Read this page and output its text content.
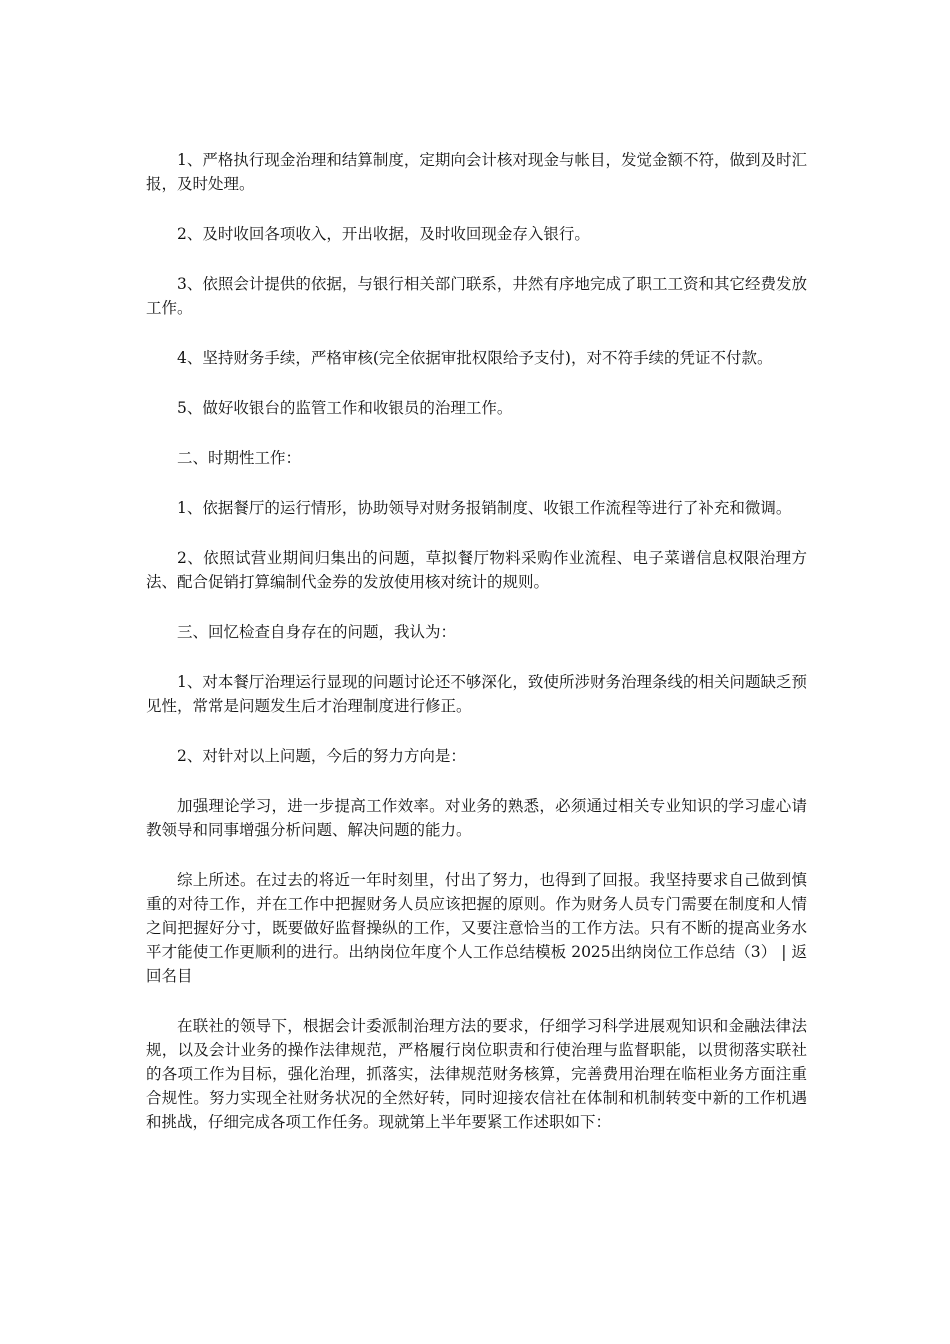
1、严格执行现金治理和结算制度，定期向会计核对现金与帐目，发觉金额不符，做到及时汇报，及时处理。

2、及时收回各项收入，开出收据，及时收回现金存入银行。

3、依照会计提供的依据，与银行相关部门联系，井然有序地完成了职工工资和其它经费发放工作。

4、坚持财务手续，严格审核(完全依据审批权限给予支付)，对不符手续的凭证不付款。

5、做好收银台的监管工作和收银员的治理工作。

二、时期性工作：

1、依据餐厅的运行情形，协助领导对财务报销制度、收银工作流程等进行了补充和微调。

2、依照试营业期间归集出的问题，草拟餐厅物料采购作业流程、电子菜谱信息权限治理方法、配合促销打算编制代金券的发放使用核对统计的规则。

三、回忆检查自身存在的问题，我认为：

1、对本餐厅治理运行显现的问题讨论还不够深化，致使所涉财务治理条线的相关问题缺乏预见性，常常是问题发生后才治理制度进行修正。

2、对针对以上问题，今后的努力方向是：

加强理论学习，进一步提高工作效率。对业务的熟悉，必须通过相关专业知识的学习虚心请教领导和同事增强分析问题、解决问题的能力。

综上所述。在过去的将近一年时刻里，付出了努力，也得到了回报。我坚持要求自己做到慎重的对待工作，并在工作中把握财务人员应该把握的原则。作为财务人员专门需要在制度和人情之间把握好分寸，既要做好监督操纵的工作，又要注意恰当的工作方法。只有不断的提高业务水平才能使工作更顺利的进行。出纳岗位年度个人工作总结模板 2025出纳岗位工作总结（3） | 返回名目

在联社的领导下，根据会计委派制治理方法的要求，仔细学习科学进展观知识和金融法律法规，以及会计业务的操作法律规范，严格履行岗位职责和行使治理与监督职能，以贯彻落实联社的各项工作为目标，强化治理，抓落实，法律规范财务核算，完善费用治理在临柜业务方面注重合规性。努力实现全社财务状况的全然好转，同时迎接农信社在体制和机制转变中新的工作机遇和挑战，仔细完成各项工作任务。现就第上半年要紧工作述职如下：
